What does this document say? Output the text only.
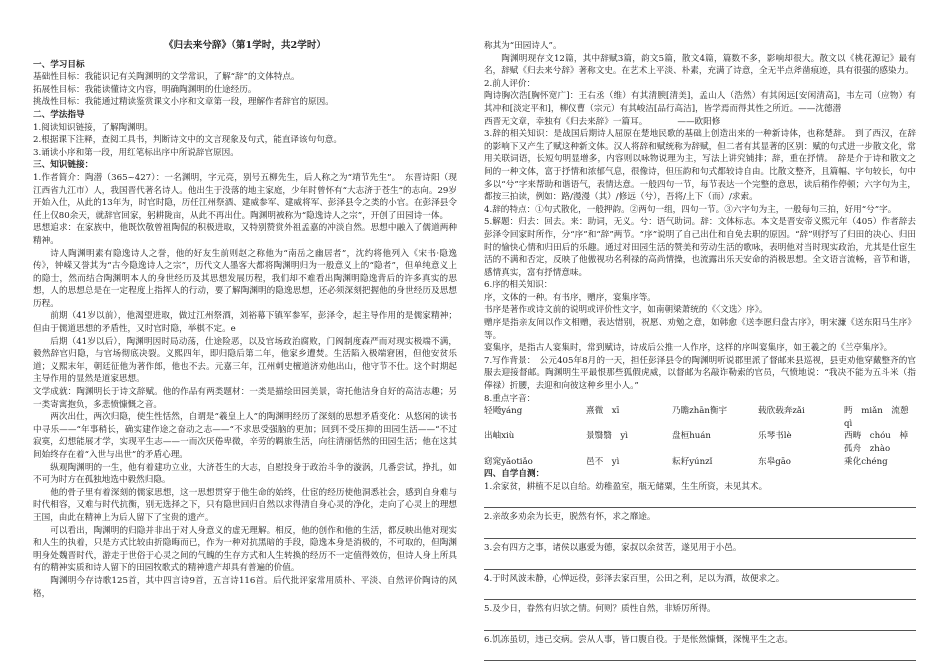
《归去来兮辞》（第1学时，共2学时）
一、学习目标

基础性目标：我能识记有关陶渊明的文学常识，了解“辞”的文体特点。

拓展性目标：我能读懂诗文内容，明确陶渊明的仕途经历。

挑战性目标：我能通过精读鉴赏课文小序和文章第一段，理解作者辞官的原因。

二、学法指导

1.阅读知识链接，了解陶渊明。

2.根据课下注释，查阅工具书，判断诗文中的文言现象及句式，能直译该句句意。

3.诵读小序和第一段，用红笔标出序中所说辞官原因。

三、知识链接：

1.作者简介：陶潜（365~427）：一名渊明，字元亮，别号五柳先生，后人称之为“靖节先生”。　东晋诗阳（现江西省九江市）人，我国晋代著名诗人。他出生于没落的地主家庭，少年时曾怀有“大志济于苍生”的志向。29岁开始入仕，从此的13年为，时官时隐，历任江州祭酒、建威参军、建威将军、彭泽县令之类的小官。在彭泽县令任上仅80余天，就辞官回家，躬耕陇亩，从此不再出仕。陶渊明被称为“隐逸诗人之宗”，开创了田园诗一体。

思想追求：在家族中，他既饮敬曾祖陶侃的积极进取，又特别赞赏外祖孟嘉的冲淡自然。思想中融入了儒道两种精神。

诗人陶渊明素有隐逸诗人之誉，他的好友生前则赵之称他为“南岳之幽居者”，沈约将他列入《宋书·隐逸传》，钟嵘又誉其为“古今隐逸诗人之宗”，历代文人墨客大都将陶渊明归为一般意义上的“隐者”，但单纯意义上的隐士，然而结合陶渊明本人的身世经历及其思想发展历程，我们却不难看出陶渊明隐逸背后的许多真实的思想，人的思想总是在一定程度上指挥人的行动，要了解陶渊明的隐逸思想，还必须深刻把握他的身世经历及思想历程。

前期（41岁以前），他渴望进取，做过江州祭酒，刘裕幕下镇军参军，彭泽令，起主导作用的是儒家精神；但由于儒道思想的矛盾性，又时官时隐，举棋不定。e

后期（41岁以后），陶渊明因时局动荡，仕途险恶，以及官场政治腐败，门阀制度森严而对现实极端不满，毅然辞官归隐，与官场彻底决裂。义熙四年，即归隐后第二年，他家乡遭焚。生活陷入极端窘困，但他安贫乐道；义熙末年，朝廷征他为著作郎，他也不去。元嘉三年，江州刺史檀道济劝他出山，他守节不仕。这个时期起主导作用的显然是道家思想。

文学成就：陶渊明长于诗文辞赋。他的作品有两类题材：一类是描绘田园美景，寄托他洁身自好的高洁志趣；另一类寄寓抱负，多悲愤慷慨之音。

两次出仕，两次归隐，使生性恬然，自谓是“羲皇上人”的陶渊明经历了深刻的思想矛盾变化：从悠闲的读书中寻乐——“年事稍长，确实建作途之奋动之志——“不求思受强脑的更加；回到不受压抑的田园生活——“不过寂寞，幻想能展才学，实现平生志——一而次厌倦卑微，辛劳的羁旅生活，向往清丽恬然的田园生活；他在这其间始终存在着“入世与出世”的矛盾心理。

纵观陶渊明的一生，他有着建功立业，大济苍生的大志，自慰投身于政治斗争的漩涡，几番尝试，挣扎，如不可为时方在孤独地选中毅然归隐。

他的骨子里有着深刻的儒家思想，这一思想贯穿于他生命的始终，仕宦的经历使他洞悉社会，感到自身难与时代相容，又难与时代抗衡，别无选择之下，只有隐世回归自然以求得清自身心灵的净化，走向了心灵上的理想王国，由此在精神上为后人留下了宝贵的遗产。

可以看出，陶渊明的归隐并非出于对人身意义的虚无理解。相反，他的创作和他的生活，都反映出他对现实和人生的执着，只是方式比较由折隐晦而已，作为一种对抗黑暗的手段，隐逸本身是消极的，不可取的，但陶渊明身处魏晋时代，游走于世俗于心灵之间的气魄的生存方式和人生转换的经历不一定值得效仿，但诗人身上所具有的精神实质和诗人留下的田园牧歌式的精神遗产却具有普遍的价值。

陶渊明今存诗歌125首，其中四言诗9首，五言诗116首。后代批评家常用质朴、平淡、自然评价陶诗的风格，

称其为“田园诗人”。

陶渊明现存文12篇，其中辞赋3篇，韵文5篇，散文4篇，篇数不多，影响却很大。散文以《桃花源记》最有名，辞赋《归去来兮辞》著称文史。在艺术上平淡、朴素，充满了诗意，全无半点斧凿痕迹，具有很强的感染力。

2.前人评价：

陶诗胸次浩[胸怀宽广]：王右丞（维）有其清腴[清美]，孟山人（浩然）有其闲远[安闲清高]，韦左司（应物）有其冲和[淡定平和]，柳仪曹（宗元）有其峻洁[品行高洁]，皆学焉而得其性之所近。——沈德潜

西晋无文章，幸独有《归去来辞》一篇耳。　　　　——欧阳修

3.辞的相关知识：是战国后期诗人屈原在楚地民歌的基础上创造出来的一种新诗体，也称楚辞。　到了西汉，在辞的影响下又产生了赋这种新文体。汉人将辞和赋统称为辞赋，但二者有其显著的区别：赋的句式进一步散文化，常用关联词语，长短句明显增多，内容则以咏物说理为主，写法上讲究铺排；辞，重在抒情。　辞是介于诗和散文之间的一种文体，富于抒情和浓郁气息，很像诗，但压韵和句式都较诗自由。比散文整齐，且篇幅、字句较长，句中多以“兮”字来帮助和谐语气，表情达意。一般四句一节，每节表达一个完整的意思，读后稍作停顿；六字句为主，都按三拍读，例如：路/漫漫（其）/修远（兮），吾将/上下（而）/求索。

4.辞的特点：①句式散化，一般押韵。②两句一组，四句一节。③六字句为主，一般每句三拍，好用“兮”字。

5.解题：归去：回去。来：助词，无义。兮：语气助词。辞：文体标志。本文是晋安帝义熙元年（405）作者辞去彭泽令回家时所作，分“序”和“辞”两节。“序”说明了自己出仕和自免去职的原因。“辞”则抒写了归田的决心、归田时的愉快心情和归田后的乐趣。通过对田园生活的赞美和劳动生活的歌咏，表明他对当时现实政治，尤其是仕宦生活的不满和否定，反映了他傲视功名利禄的高尚情操，也流露出乐天安命的消极思想。全文语言流畅，音节和谐，感情真实，富有抒情意味。

6.序的相关知识：

序，文体的一种。有书序，赠序，宴集序等。

书序是著作或诗文前的说明或评价性文字，如南朝梁萧统的《〈文选〉序》。

赠序是指亲友间以作文相赠，表达惜别，祝愿、劝勉之意，如韩愈《送李愿归盘古序》，明宋濂《送东阳马生序》等。

宴集序，是指古人宴集时，常到赋诗，诗成后公推一人作序，这样的序叫宴集序，如王羲之的《兰亭集序》。

7.写作背景：　公元405年8月的一天，担任彭泽县令的陶渊明听说郡里派了督邮来县巡视，县吏劝他穿戴整齐的官服去迎接督邮。陶渊明生平最恨那些狐假虎威，以督邮为名敲诈勒索的官员，气愤地说：“我决不能为五斗米（指俸禄）折腰，去迎和向彼这种乡里小人。”

8.重点字音：

轻飏yáng	熹微　xī	乃瞻zhān衡宇	载欣载奔zǎi	眄　miǎn　 流憩qì
出岫xiù	景翳翳　yì	盘桓huán	乐琴书lè	西畴　chóu　 棹孤舟　zhào
窈窕yǎotiǎo	邑不　yì	耘耔yúnzǐ	东皋gāo	乘化chéng
四、自学自测：

1.余家贫，耕植不足以自给。幼稚盈室，瓶无储粟，生生所资，未见其术。

2.亲故多劝余为长吏，脱然有怀，求之靡途。

3.会有四方之事，诸侯以惠爱为德，家叔以余贫苦，遂见用于小邑。

4.于时风波未静，心惮远役，彭泽去家百里，公田之利，足以为酒，故便求之。

5.及少日，眷然有归欤之情。何则？质性自然，非矫厉所得。

6.饥冻虽切，违己交病。尝从人事，皆口腹自役。于是怅然慷慨，深愧平生之志。
